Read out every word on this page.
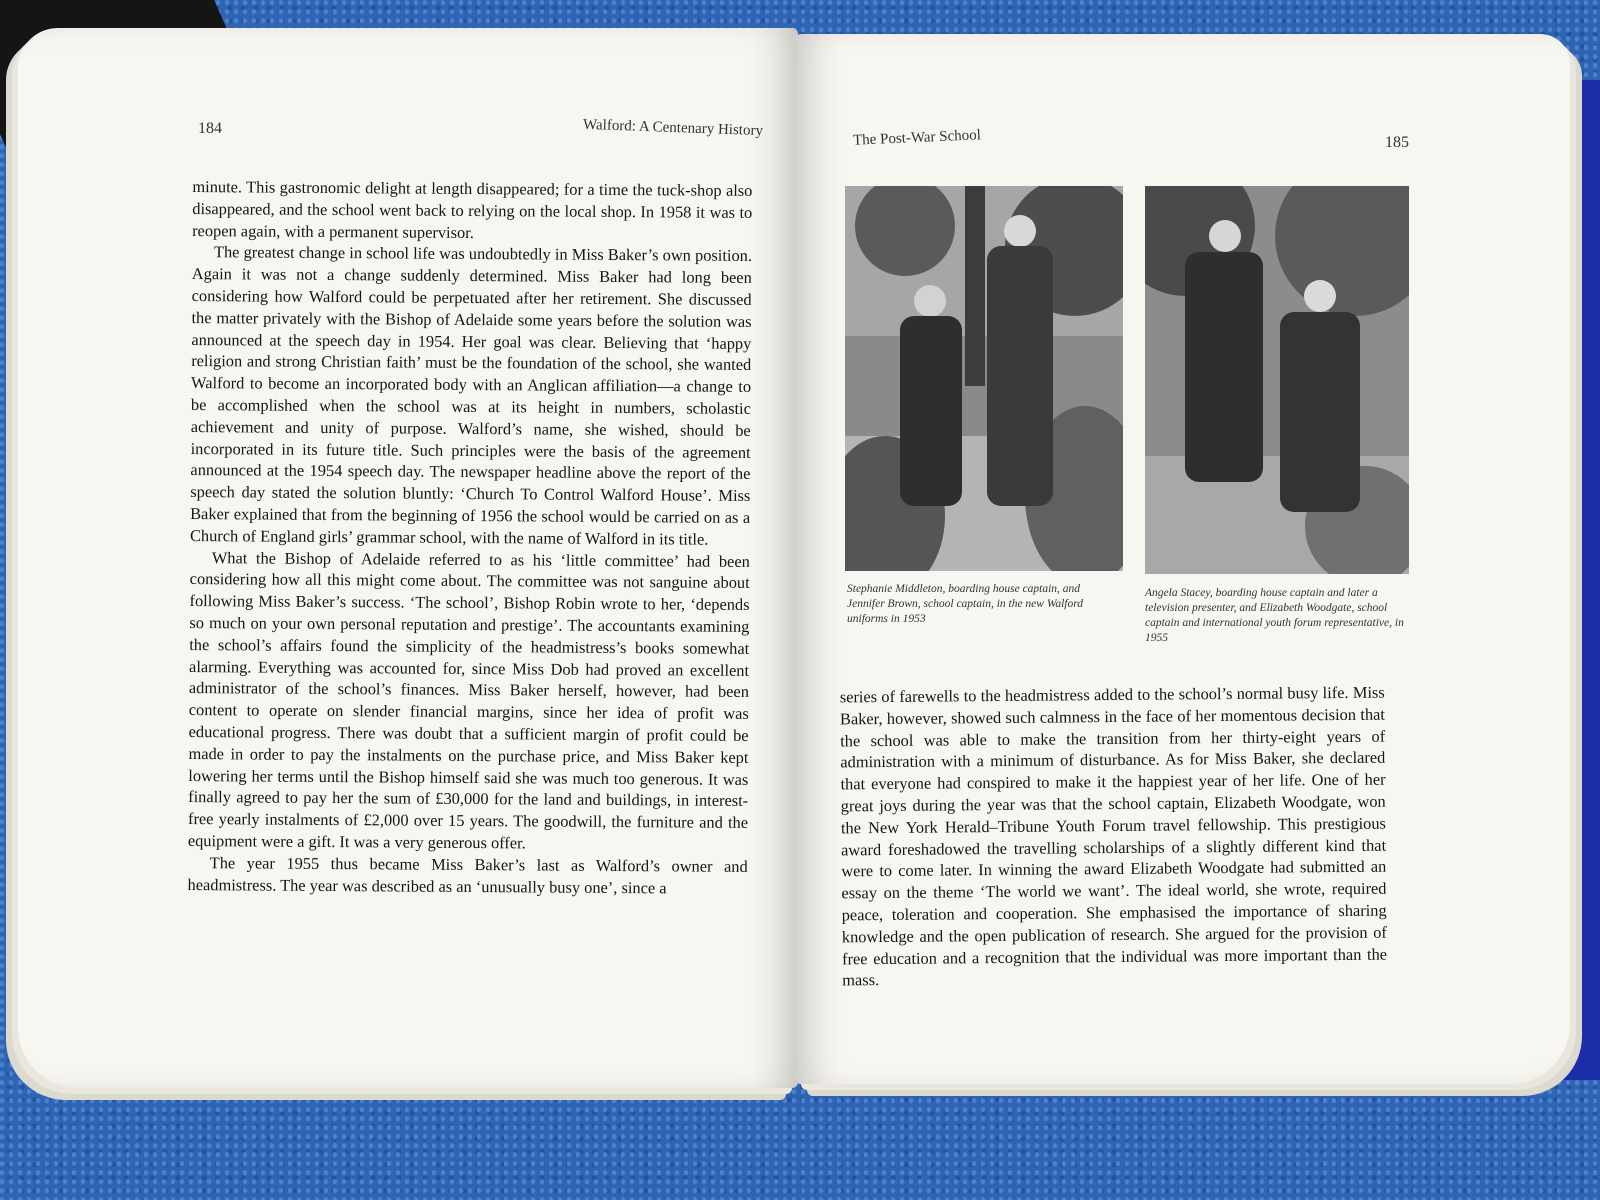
184	Walford: A Centenary History

minute. This gastronomic delight at length disappeared; for a time the tuck-shop also disappeared, and the school went back to relying on the local shop. In 1958 it was to reopen again, with a permanent supervisor.

The greatest change in school life was undoubtedly in Miss Baker’s own position. Again it was not a change suddenly determined. Miss Baker had long been considering how Walford could be perpetuated after her retirement. She discussed the matter privately with the Bishop of Adelaide some years before the solution was announced at the speech day in 1954. Her goal was clear. Believing that ‘happy religion and strong Christian faith’ must be the foundation of the school, she wanted Walford to become an incorporated body with an Anglican affiliation—a change to be accomplished when the school was at its height in numbers, scholastic achievement and unity of purpose. Walford’s name, she wished, should be incorporated in its future title. Such principles were the basis of the agreement announced at the 1954 speech day. The newspaper headline above the report of the speech day stated the solution bluntly: ‘Church To Control Walford House’. Miss Baker explained that from the beginning of 1956 the school would be carried on as a Church of England girls’ grammar school, with the name of Walford in its title.

What the Bishop of Adelaide referred to as his ‘little committee’ had been considering how all this might come about. The committee was not sanguine about following Miss Baker’s success. ‘The school’, Bishop Robin wrote to her, ‘depends so much on your own personal reputation and prestige’. The accountants examining the school’s affairs found the simplicity of the headmistress’s books somewhat alarming. Everything was accounted for, since Miss Dob had proved an excellent administrator of the school’s finances. Miss Baker herself, however, had been content to operate on slender financial margins, since her idea of profit was educational progress. There was doubt that a sufficient margin of profit could be made in order to pay the instalments on the purchase price, and Miss Baker kept lowering her terms until the Bishop himself said she was much too generous. It was finally agreed to pay her the sum of £30,000 for the land and buildings, in interest-free yearly instalments of £2,000 over 15 years. The goodwill, the furniture and the equipment were a gift. It was a very generous offer.

The year 1955 thus became Miss Baker’s last as Walford’s owner and headmistress. The year was described as an ‘unusually busy one’, since a

The Post-War School	185
Stephanie Middleton, boarding house captain, and Jennifer Brown, school captain, in the new Walford uniforms in 1953
Angela Stacey, boarding house captain and later a television presenter, and Elizabeth Woodgate, school captain and international youth forum representative, in 1955

series of farewells to the headmistress added to the school’s normal busy life. Miss Baker, however, showed such calmness in the face of her momentous decision that the school was able to make the transition from her thirty-eight years of administration with a minimum of disturbance. As for Miss Baker, she declared that everyone had conspired to make it the happiest year of her life. One of her great joys during the year was that the school captain, Elizabeth Woodgate, won the New York Herald–Tribune Youth Forum travel fellowship. This prestigious award foreshadowed the travelling scholarships of a slightly different kind that were to come later. In winning the award Elizabeth Woodgate had submitted an essay on the theme ‘The world we want’. The ideal world, she wrote, required peace, toleration and cooperation. She emphasised the importance of sharing knowledge and the open publication of research. She argued for the provision of free education and a recognition that the individual was more important than the mass.
